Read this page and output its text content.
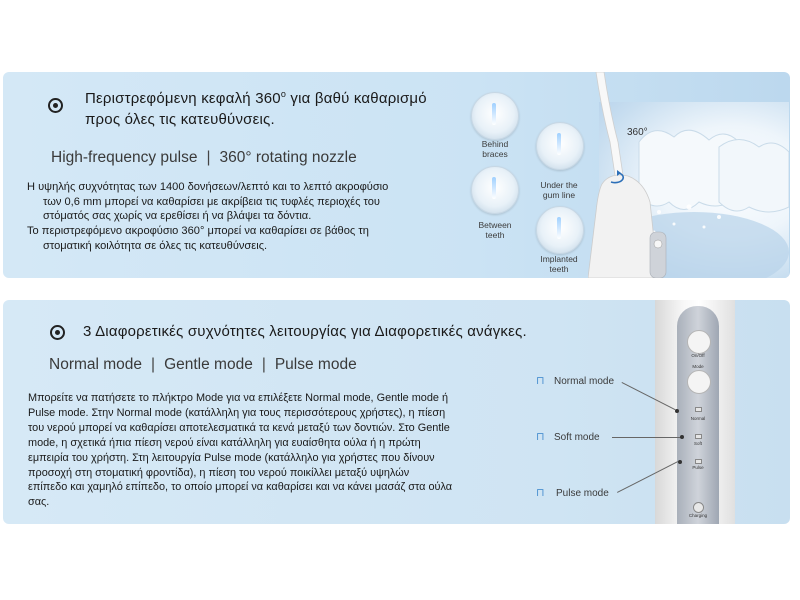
360°
Behind braces
Under the gum line
Between teeth
Implanted teeth
Περιστρεφόμενη κεφαλή $360^o$ για βαθύ καθαρισμό
προς όλες τις κατευθύνσεις.
High-frequency pulse | 360° rotating nozzle
Η υψηλής συχνότητας των 1400 δονήσεων/λεπτό και το λεπτό ακροφύσιο
των 0,6 mm μπορεί να καθαρίσει με ακρίβεια τις τυφλές περιοχές του
στόματός σας χωρίς να ερεθίσει ή να βλάψει τα δόντια.
Το περιστρεφόμενο ακροφύσιο 360° μπορεί να καθαρίσει σε βάθος τη
στοματική κοιλότητα σε όλες τις κατευθύνσεις.
3 Διαφορετικές συχνότητες λειτουργίας για Διαφορετικές ανάγκες.
Normal mode | Gentle mode | Pulse mode
Μπορείτε να πατήσετε το πλήκτρο Mode για να επιλέξετε Normal mode, Gentle mode ή
Pulse mode. Στην Normal mode (κατάλληλη για τους περισσότερους χρήστες), η πίεση
του νερού μπορεί να καθαρίσει αποτελεσματικά τα κενά μεταξύ των δοντιών. Στο Gentle
mode, η σχετικά ήπια πίεση νερού είναι κατάλληλη για ευαίσθητα ούλα ή η πρώτη
εμπειρία του χρήστη. Στη λειτουργία Pulse mode (κατάλληλο για χρήστες που δίνουν
προσοχή στη στοματική φροντίδα), η πίεση του νερού ποικίλλει μεταξύ υψηλών
επίπεδο και χαμηλό επίπεδο, το οποίο μπορεί να καθαρίσει και να κάνει μασάζ στα ούλα
σας.
On/Off
Mode
Normal
Soft
Pulse
Charging
⊓ Normal mode
⊓ Soft mode
⊓ Pulse mode
